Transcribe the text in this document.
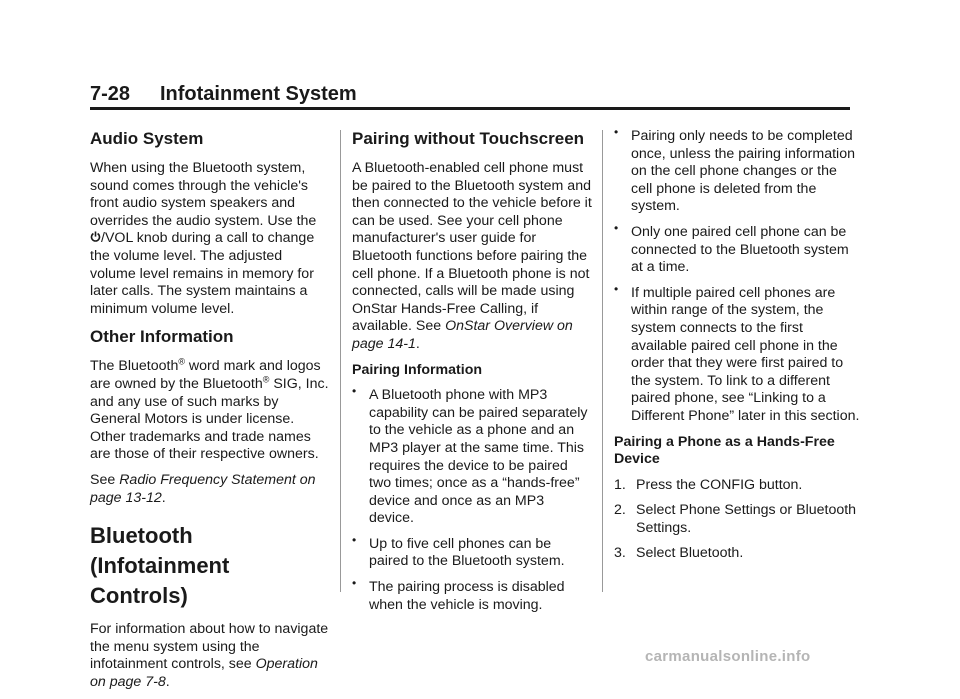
7-28 Infotainment System
Audio System

When using the Bluetooth system, sound comes through the vehicle's front audio system speakers and overrides the audio system. Use the
/VOL knob during a call to change the volume level. The adjusted volume level remains in memory for later calls. The system maintains a minimum volume level.

Other Information

The Bluetooth® word mark and logos are owned by the Bluetooth® SIG, Inc. and any use of such marks by General Motors is under license. Other trademarks and trade names are those of their respective owners.

See Radio Frequency Statement on page 13-12.

Bluetooth (Infotainment Controls)

For information about how to navigate the menu system using the infotainment controls, see Operation on page 7-8.

Pairing without Touchscreen

A Bluetooth-enabled cell phone must be paired to the Bluetooth system and then connected to the vehicle before it can be used. See your cell phone manufacturer's user guide for Bluetooth functions before pairing the cell phone. If a Bluetooth phone is not connected, calls will be made using OnStar Hands-Free Calling, if available. See OnStar Overview on page 14-1.

Pairing Information
• A Bluetooth phone with MP3 capability can be paired separately to the vehicle as a phone and an MP3 player at the same time. This requires the device to be paired two times; once as a “hands-free” device and once as an MP3 device.
• Up to five cell phones can be paired to the Bluetooth system.
• The pairing process is disabled when the vehicle is moving.
• Pairing only needs to be completed once, unless the pairing information on the cell phone changes or the cell phone is deleted from the system.
• Only one paired cell phone can be connected to the Bluetooth system at a time.
• If multiple paired cell phones are within range of the system, the system connects to the first available paired cell phone in the order that they were first paired to the system. To link to a different paired phone, see “Linking to a Different Phone” later in this section.
Pairing a Phone as a Hands-Free Device
1. Press the CONFIG button.
2. Select Phone Settings or Bluetooth Settings.
3. Select Bluetooth.
carmanualsonline.info
